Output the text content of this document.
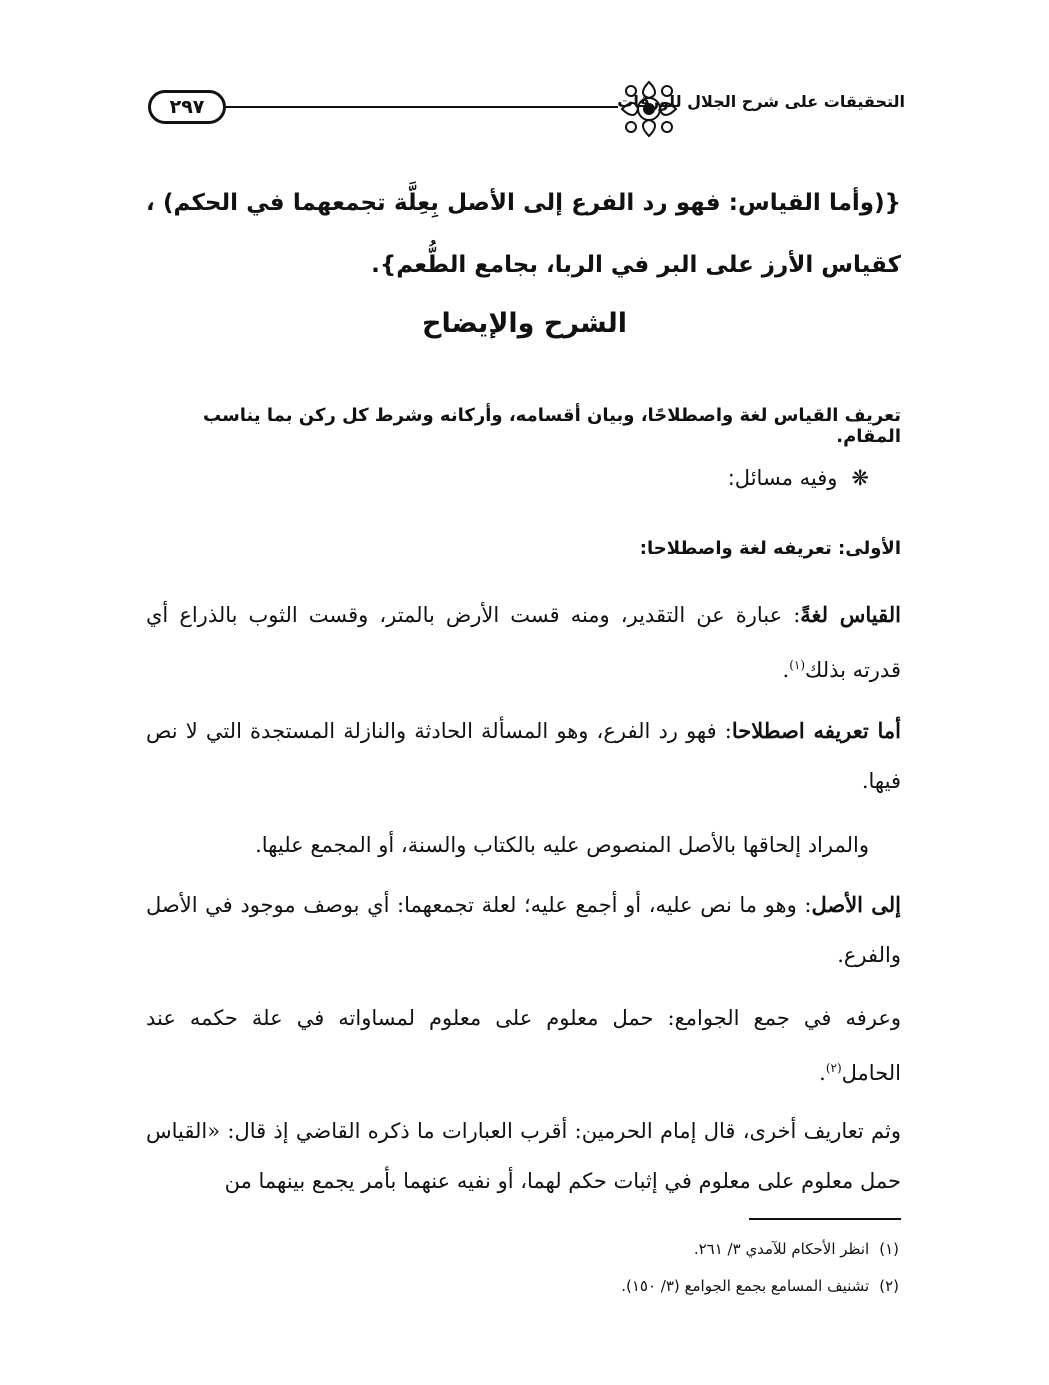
٢٩٧	التحقيقات على شرح الجلال للورقات
{(وأما القياس: فهو رد الفرع إلى الأصل بِعِلَّة تجمعهما في الحكم) ، كقياس الأرز على البر في الربا، بجامع الطُّعم}.
الشرح والإيضاح
تعريف القياس لغة واصطلاحًا، وبيان أقسامه، وأركانه وشرط كل ركن بما يناسب المقام.
❋وفيه مسائل:
الأولى: تعريفه لغة واصطلاحا:
القياس لغةً: عبارة عن التقدير، ومنه قست الأرض بالمتر، وقست الثوب بالذراع أي قدرته بذلك$^{(١)}$.
أما تعريفه اصطلاحا: فهو رد الفرع، وهو المسألة الحادثة والنازلة المستجدة التي لا نص فيها.
والمراد إلحاقها بالأصل المنصوص عليه بالكتاب والسنة، أو المجمع عليها.
إلى الأصل: وهو ما نص عليه، أو أجمع عليه؛ لعلة تجمعهما: أي بوصف موجود في الأصل والفرع.
وعرفه في جمع الجوامع: حمل معلوم على معلوم لمساواته في علة حكمه عند الحامل$^{(٢)}$.
وثم تعاريف أخرى، قال إمام الحرمين: أقرب العبارات ما ذكره القاضي إذ قال: «القياس حمل معلوم على معلوم في إثبات حكم لهما، أو نفيه عنهما بأمر يجمع بينهما من
(١)انظر الأحكام للآمدي ٣/ ٢٦١.
(٢)تشنيف المسامع بجمع الجوامع (٣/ ١٥٠).
